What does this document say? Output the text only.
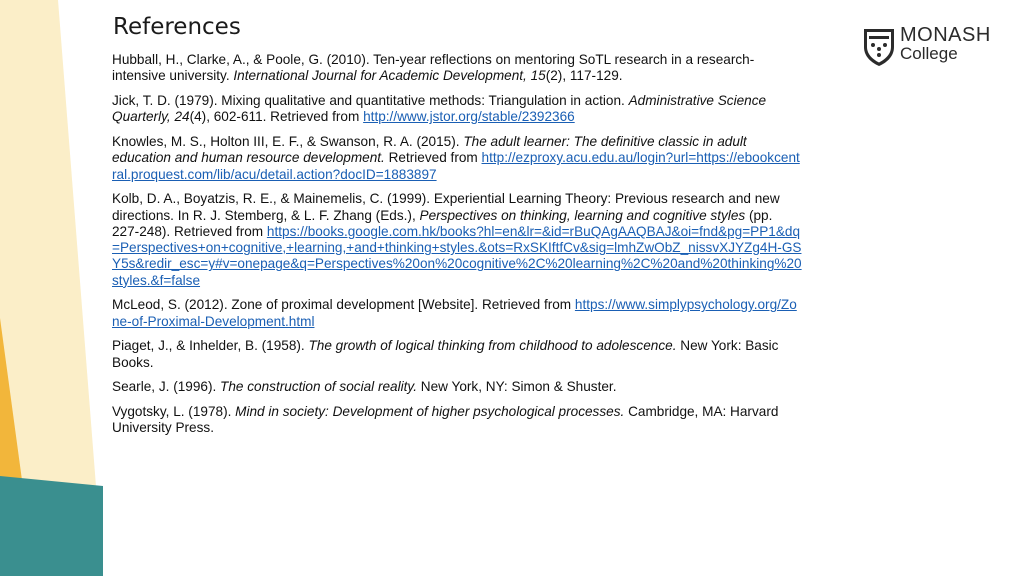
References	MONASH
College

Hubball, H., Clarke, A., & Poole, G. (2010). Ten-year reflections on mentoring SoTL research in a research-intensive university. International Journal for Academic Development, 15(2), 117-129.

Jick, T. D. (1979). Mixing qualitative and quantitative methods: Triangulation in action. Administrative Science Quarterly, 24(4), 602-611. Retrieved from http://www.jstor.org/stable/2392366

Knowles, M. S., Holton III, E. F., & Swanson, R. A. (2015). The adult learner: The definitive classic in adult education and human resource development. Retrieved from http://ezproxy.acu.edu.au/login?url=https://ebookcentral.proquest.com/lib/acu/detail.action?docID=1883897

Kolb, D. A., Boyatzis, R. E., & Mainemelis, C. (1999). Experiential Learning Theory: Previous research and new directions. In R. J. Stemberg, & L. F. Zhang (Eds.), Perspectives on thinking, learning and cognitive styles (pp. 227-248). Retrieved from https://books.google.com.hk/books?hl=en&lr=&id=rBuQAgAAQBAJ&oi=fnd&pg=PP1&dq=Perspectives+on+cognitive,+learning,+and+thinking+styles.&ots=RxSKIftfCv&sig=lmhZwObZ_nissvXJYZg4H-GSY5s&redir_esc=y#v=onepage&q=Perspectives%20on%20cognitive%2C%20learning%2C%20and%20thinking%20styles.&f=false

McLeod, S. (2012). Zone of proximal development [Website]. Retrieved from https://www.simplypsychology.org/Zone-of-Proximal-Development.html

Piaget, J., & Inhelder, B. (1958). The growth of logical thinking from childhood to adolescence. New York: Basic Books.

Searle, J. (1996). The construction of social reality. New York, NY: Simon & Shuster.

Vygotsky, L. (1978). Mind in society: Development of higher psychological processes. Cambridge, MA: Harvard University Press.
